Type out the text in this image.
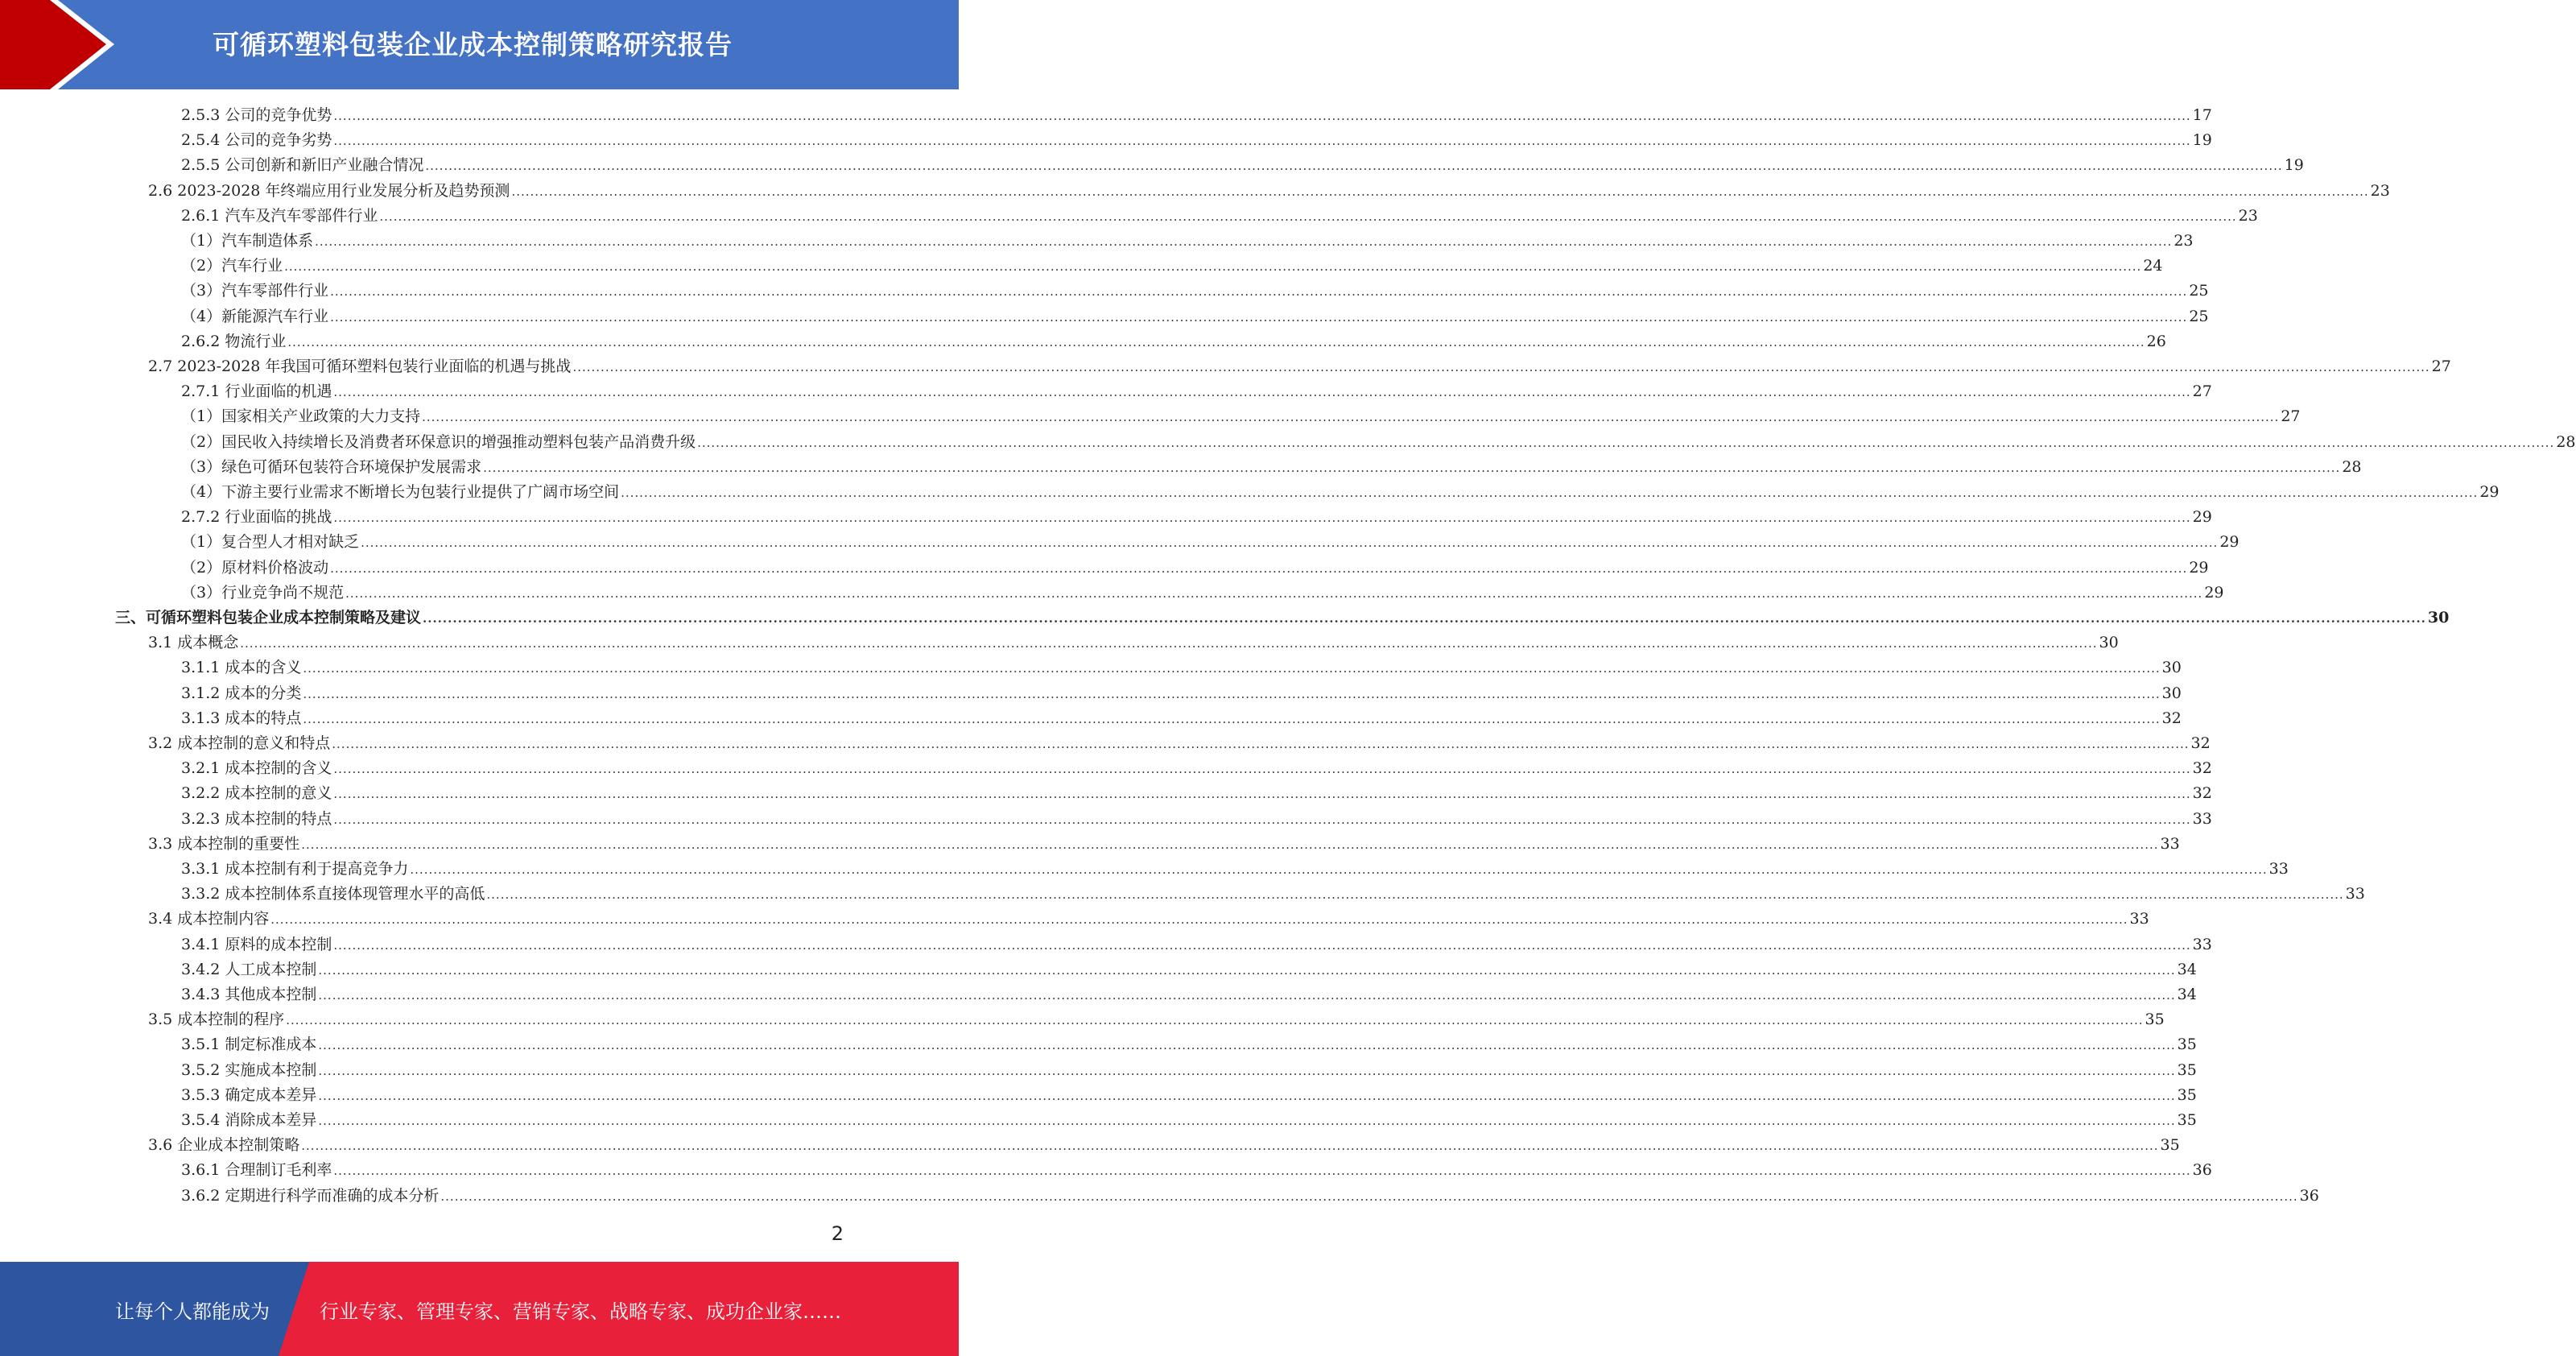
可循环塑料包装企业成本控制策略研究报告
2.5.3 公司的竞争优势 ................................................................................................................................................................................................................................................................................................................................................................................................................ 17
2.5.4 公司的竞争劣势 ................................................................................................................................................................................................................................................................................................................................................................................................................ 19
2.5.5 公司创新和新旧产业融合情况 ................................................................................................................................................................................................................................................................................................................................................................................................................ 19
2.6 2023-2028 年终端应用行业发展分析及趋势预测 ................................................................................................................................................................................................................................................................................................................................................................................................................ 23
2.6.1 汽车及汽车零部件行业 ................................................................................................................................................................................................................................................................................................................................................................................................................ 23
（1）汽车制造体系 ................................................................................................................................................................................................................................................................................................................................................................................................................ 23
（2）汽车行业 ................................................................................................................................................................................................................................................................................................................................................................................................................ 24
（3）汽车零部件行业 ................................................................................................................................................................................................................................................................................................................................................................................................................ 25
（4）新能源汽车行业 ................................................................................................................................................................................................................................................................................................................................................................................................................ 25
2.6.2 物流行业 ................................................................................................................................................................................................................................................................................................................................................................................................................ 26
2.7 2023-2028 年我国可循环塑料包装行业面临的机遇与挑战 ................................................................................................................................................................................................................................................................................................................................................................................................................ 27
2.7.1 行业面临的机遇 ................................................................................................................................................................................................................................................................................................................................................................................................................ 27
（1）国家相关产业政策的大力支持 ................................................................................................................................................................................................................................................................................................................................................................................................................ 27
（2）国民收入持续增长及消费者环保意识的增强推动塑料包装产品消费升级 ................................................................................................................................................................................................................................................................................................................................................................................................................ 28
（3）绿色可循环包装符合环境保护发展需求 ................................................................................................................................................................................................................................................................................................................................................................................................................ 28
（4）下游主要行业需求不断增长为包装行业提供了广阔市场空间 ................................................................................................................................................................................................................................................................................................................................................................................................................ 29
2.7.2 行业面临的挑战 ................................................................................................................................................................................................................................................................................................................................................................................................................ 29
（1）复合型人才相对缺乏 ................................................................................................................................................................................................................................................................................................................................................................................................................ 29
（2）原材料价格波动 ................................................................................................................................................................................................................................................................................................................................................................................................................ 29
（3）行业竞争尚不规范 ................................................................................................................................................................................................................................................................................................................................................................................................................ 29
三、可循环塑料包装企业成本控制策略及建议 ................................................................................................................................................................................................................................................................................................................................................................................................................ 30
3.1 成本概念 ................................................................................................................................................................................................................................................................................................................................................................................................................ 30
3.1.1 成本的含义 ................................................................................................................................................................................................................................................................................................................................................................................................................ 30
3.1.2 成本的分类 ................................................................................................................................................................................................................................................................................................................................................................................................................ 30
3.1.3 成本的特点 ................................................................................................................................................................................................................................................................................................................................................................................................................ 32
3.2 成本控制的意义和特点 ................................................................................................................................................................................................................................................................................................................................................................................................................ 32
3.2.1 成本控制的含义 ................................................................................................................................................................................................................................................................................................................................................................................................................ 32
3.2.2 成本控制的意义 ................................................................................................................................................................................................................................................................................................................................................................................................................ 32
3.2.3 成本控制的特点 ................................................................................................................................................................................................................................................................................................................................................................................................................ 33
3.3 成本控制的重要性 ................................................................................................................................................................................................................................................................................................................................................................................................................ 33
3.3.1 成本控制有利于提高竞争力 ................................................................................................................................................................................................................................................................................................................................................................................................................ 33
3.3.2 成本控制体系直接体现管理水平的高低 ................................................................................................................................................................................................................................................................................................................................................................................................................ 33
3.4 成本控制内容 ................................................................................................................................................................................................................................................................................................................................................................................................................ 33
3.4.1 原料的成本控制 ................................................................................................................................................................................................................................................................................................................................................................................................................ 33
3.4.2 人工成本控制 ................................................................................................................................................................................................................................................................................................................................................................................................................ 34
3.4.3 其他成本控制 ................................................................................................................................................................................................................................................................................................................................................................................................................ 34
3.5 成本控制的程序 ................................................................................................................................................................................................................................................................................................................................................................................................................ 35
3.5.1 制定标准成本 ................................................................................................................................................................................................................................................................................................................................................................................................................ 35
3.5.2 实施成本控制 ................................................................................................................................................................................................................................................................................................................................................................................................................ 35
3.5.3 确定成本差异 ................................................................................................................................................................................................................................................................................................................................................................................................................ 35
3.5.4 消除成本差异 ................................................................................................................................................................................................................................................................................................................................................................................................................ 35
3.6 企业成本控制策略 ................................................................................................................................................................................................................................................................................................................................................................................................................ 35
3.6.1 合理制订毛利率 ................................................................................................................................................................................................................................................................................................................................................................................................................ 36
3.6.2 定期进行科学而准确的成本分析 ................................................................................................................................................................................................................................................................................................................................................................................................................ 36
2
让每个人都能成为	行业专家、管理专家、营销专家、战略专家、成功企业家……
